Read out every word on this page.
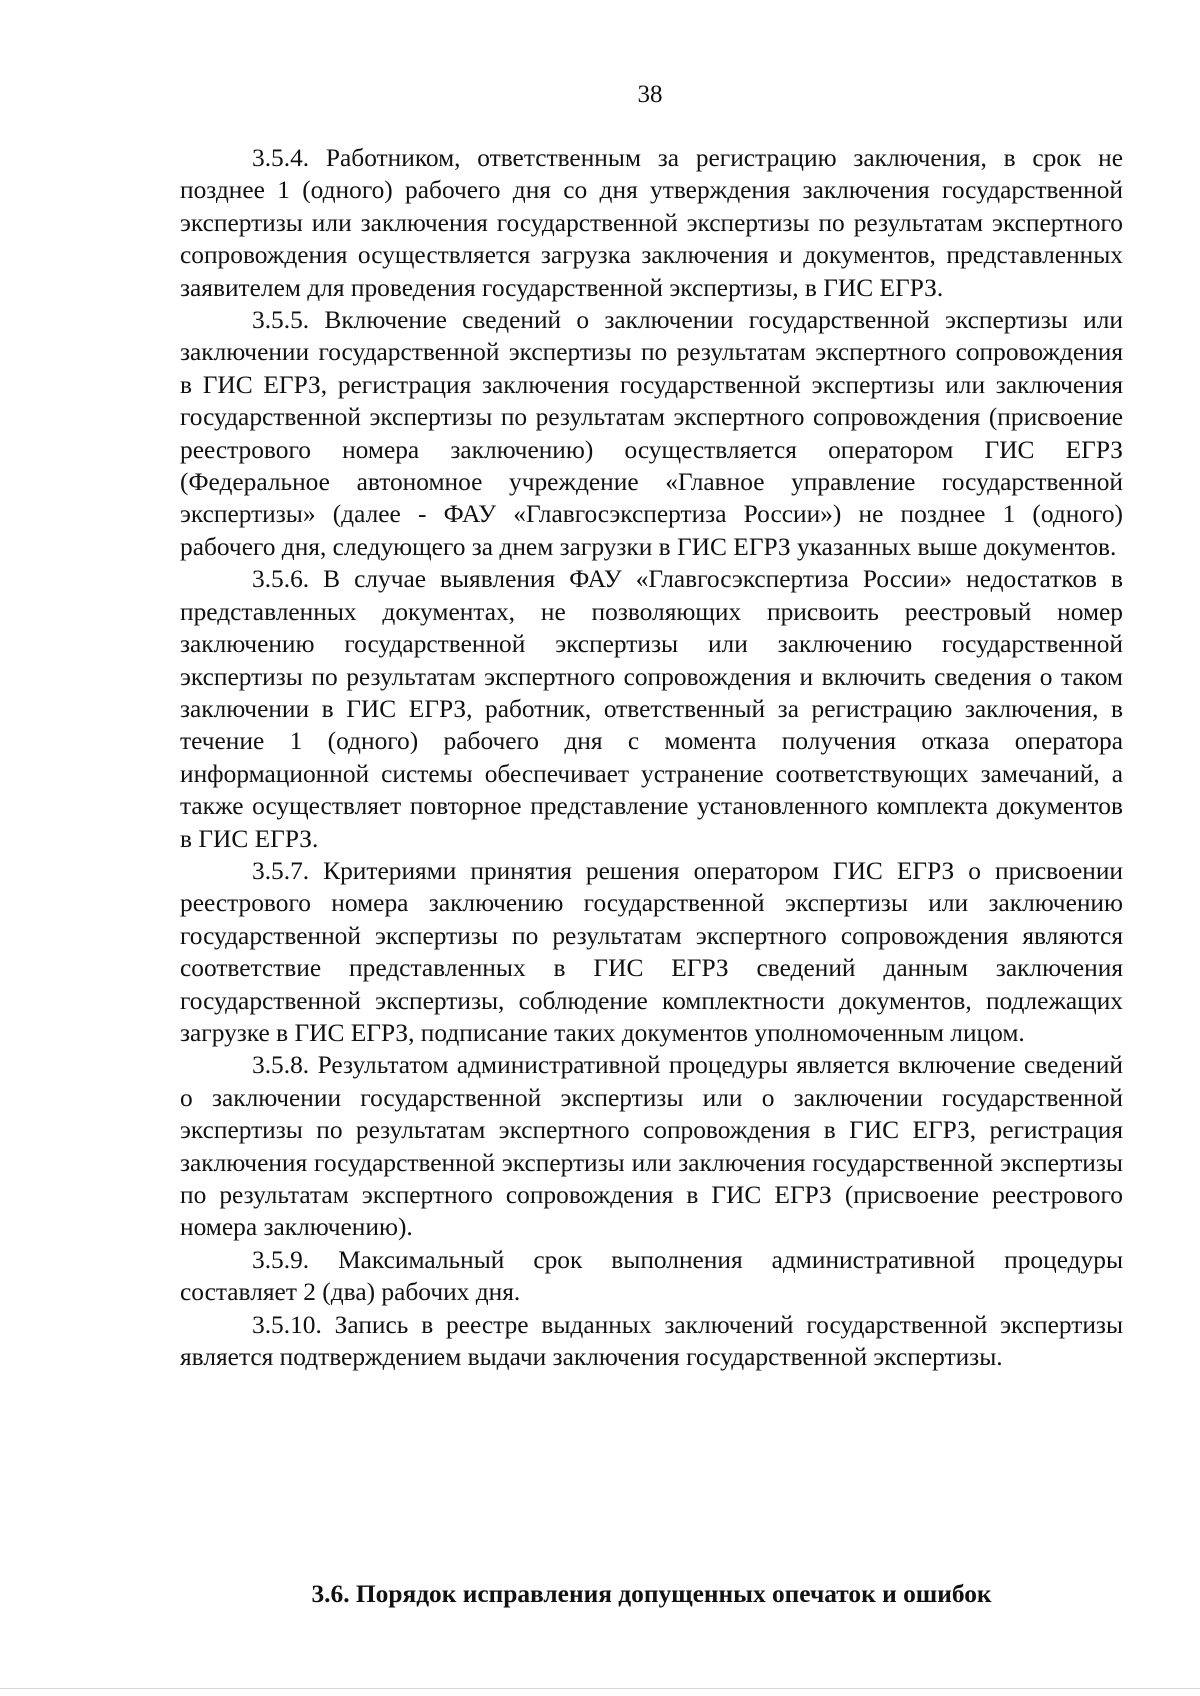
38

3.5.4. Работником, ответственным за регистрацию заключения, в срок не позднее 1 (одного) рабочего дня со дня утверждения заключения государственной экспертизы или заключения государственной экспертизы по результатам экспертного сопровождения осуществляется загрузка заключения и документов, представленных заявителем для проведения государственной экспертизы, в ГИС ЕГРЗ.

3.5.5. Включение сведений о заключении государственной экспертизы или заключении государственной экспертизы по результатам экспертного сопровождения в ГИС ЕГРЗ, регистрация заключения государственной экспертизы или заключения государственной экспертизы по результатам экспертного сопровождения (присвоение реестрового номера заключению) осуществляется оператором ГИС ЕГРЗ (Федеральное автономное учреждение «Главное управление государственной экспертизы» (далее - ФАУ «Главгосэкспертиза России») не позднее 1 (одного) рабочего дня, следующего за днем загрузки в ГИС ЕГРЗ указанных выше документов.

3.5.6. В случае выявления ФАУ «Главгосэкспертиза России» недостатков в представленных документах, не позволяющих присвоить реестровый номер заключению государственной экспертизы или заключению государственной экспертизы по результатам экспертного сопровождения и включить сведения о таком заключении в ГИС ЕГРЗ, работник, ответственный за регистрацию заключения, в течение 1 (одного) рабочего дня с момента получения отказа оператора информационной системы обеспечивает устранение соответствующих замечаний, а также осуществляет повторное представление установленного комплекта документов в ГИС ЕГРЗ.

3.5.7. Критериями принятия решения оператором ГИС ЕГРЗ о присвоении реестрового номера заключению государственной экспертизы или заключению государственной экспертизы по результатам экспертного сопровождения являются соответствие представленных в ГИС ЕГРЗ сведений данным заключения государственной экспертизы, соблюдение комплектности документов, подлежащих загрузке в ГИС ЕГРЗ, подписание таких документов уполномоченным лицом.

3.5.8. Результатом административной процедуры является включение сведений о заключении государственной экспертизы или о заключении государственной экспертизы по результатам экспертного сопровождения в ГИС ЕГРЗ, регистрация заключения государственной экспертизы или заключения государственной экспертизы по результатам экспертного сопровождения в ГИС ЕГРЗ (присвоение реестрового номера заключению).

3.5.9. Максимальный срок выполнения административной процедуры составляет 2 (два) рабочих дня.

3.5.10. Запись в реестре выданных заключений государственной экспертизы является подтверждением выдачи заключения государственной экспертизы.

3.6. Порядок исправления допущенных опечаток и ошибок
